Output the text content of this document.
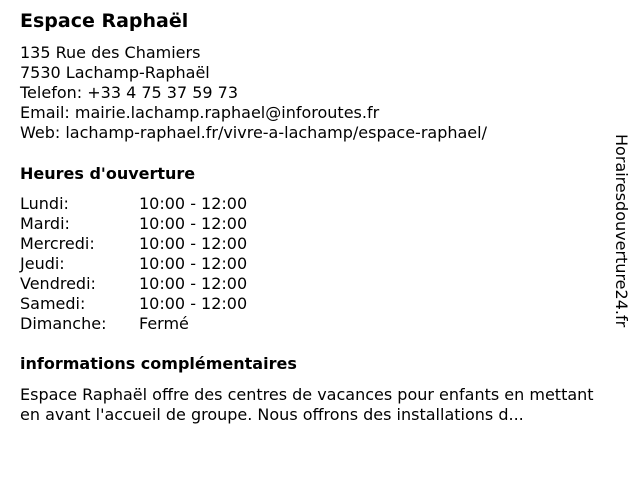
Espace Raphaël
135 Rue des Chamiers
7530 Lachamp-Raphaël
Telefon: +33 4 75 37 59 73
Email: mairie.lachamp.raphael@inforoutes.fr
Web: lachamp-raphael.fr/vivre-a-lachamp/espace-raphael/
Heures d'ouverture
Lundi:	10:00 - 12:00
Mardi:	10:00 - 12:00
Mercredi:	10:00 - 12:00
Jeudi:	10:00 - 12:00
Vendredi:	10:00 - 12:00
Samedi:	10:00 - 12:00
Dimanche:	Fermé
informations complémentaires
Espace Raphaël offre des centres de vacances pour enfants en mettant en avant l'accueil de groupe. Nous offrons des installations d...
Horairesdouverture24.fr
